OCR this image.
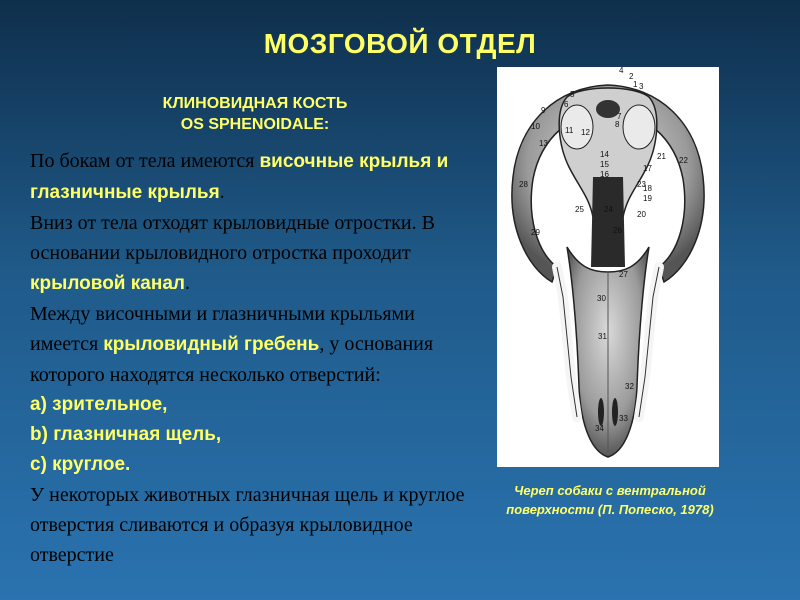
МОЗГОВОЙ ОТДЕЛ
КЛИНОВИДНАЯ КОСТЬ
OS SPHENOIDALE:

По бокам от тела имеются височные крылья и глазничные крылья.

Вниз от тела отходят крыловидные отростки. В основании крыловидного отростка проходит крыловой канал.

Между височными и глазничными крыльями имеется крыловидный гребень, у основания которого находятся несколько отверстий:

a) зрительное,

b) глазничная щель,

c) круглое.

У некоторых животных глазничная щель и круглое отверстия сливаются и образуя крыловидное отверстие

1
2
3
4
5
6
7
8
9
10	11 12
13
14
15
16
17
18
19
20
21 22
23
24
25
26
27
28
29
30
31
32
33
34
Череп собаки с вентральной
поверхности (П. Попеско, 1978)
